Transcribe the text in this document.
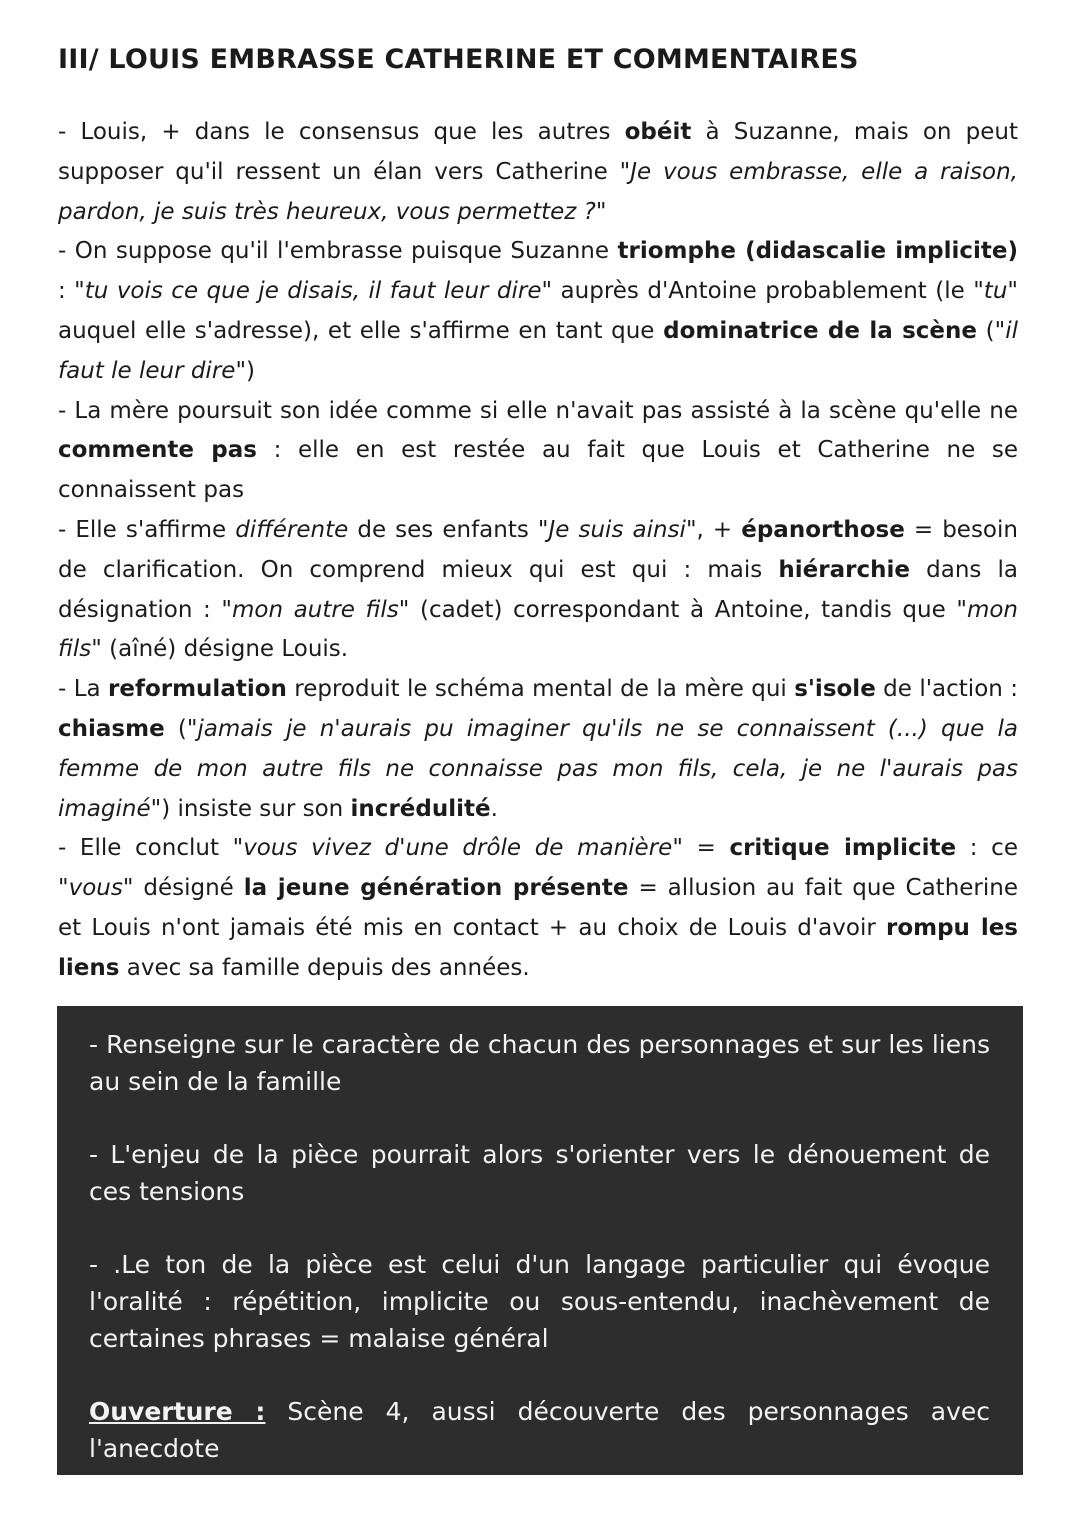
III/ LOUIS EMBRASSE CATHERINE ET COMMENTAIRES

- Louis, + dans le consensus que les autres obéit à Suzanne, mais on peut supposer qu'il ressent un élan vers Catherine "Je vous embrasse, elle a raison, pardon, je suis très heureux, vous permettez ?"

- On suppose qu'il l'embrasse puisque Suzanne triomphe (didascalie implicite) : "tu vois ce que je disais, il faut leur dire" auprès d'Antoine probablement (le "tu" auquel elle s'adresse), et elle s'affirme en tant que dominatrice de la scène ("il faut le leur dire")

- La mère poursuit son idée comme si elle n'avait pas assisté à la scène qu'elle ne commente pas : elle en est restée au fait que Louis et Catherine ne se connaissent pas

- Elle s'affirme différente de ses enfants "Je suis ainsi", + épanorthose = besoin de clarification. On comprend mieux qui est qui : mais hiérarchie dans la désignation : "mon autre fils" (cadet) correspondant à Antoine, tandis que "mon fils" (aîné) désigne Louis.

- La reformulation reproduit le schéma mental de la mère qui s'isole de l'action : chiasme ("jamais je n'aurais pu imaginer qu'ils ne se connaissent (...) que la femme de mon autre fils ne connaisse pas mon fils, cela, je ne l'aurais pas imaginé") insiste sur son incrédulité.

- Elle conclut "vous vivez d'une drôle de manière" = critique implicite : ce "vous" désigné la jeune génération présente = allusion au fait que Catherine et Louis n'ont jamais été mis en contact + au choix de Louis d'avoir rompu les liens avec sa famille depuis des années.

- Renseigne sur le caractère de chacun des personnages et sur les liens au sein de la famille

- L'enjeu de la pièce pourrait alors s'orienter vers le dénouement de ces tensions

- .Le ton de la pièce est celui d'un langage particulier qui évoque l'oralité : répétition, implicite ou sous-entendu, inachèvement de certaines phrases = malaise général

Ouverture : Scène 4, aussi découverte des personnages avec l'anecdote
